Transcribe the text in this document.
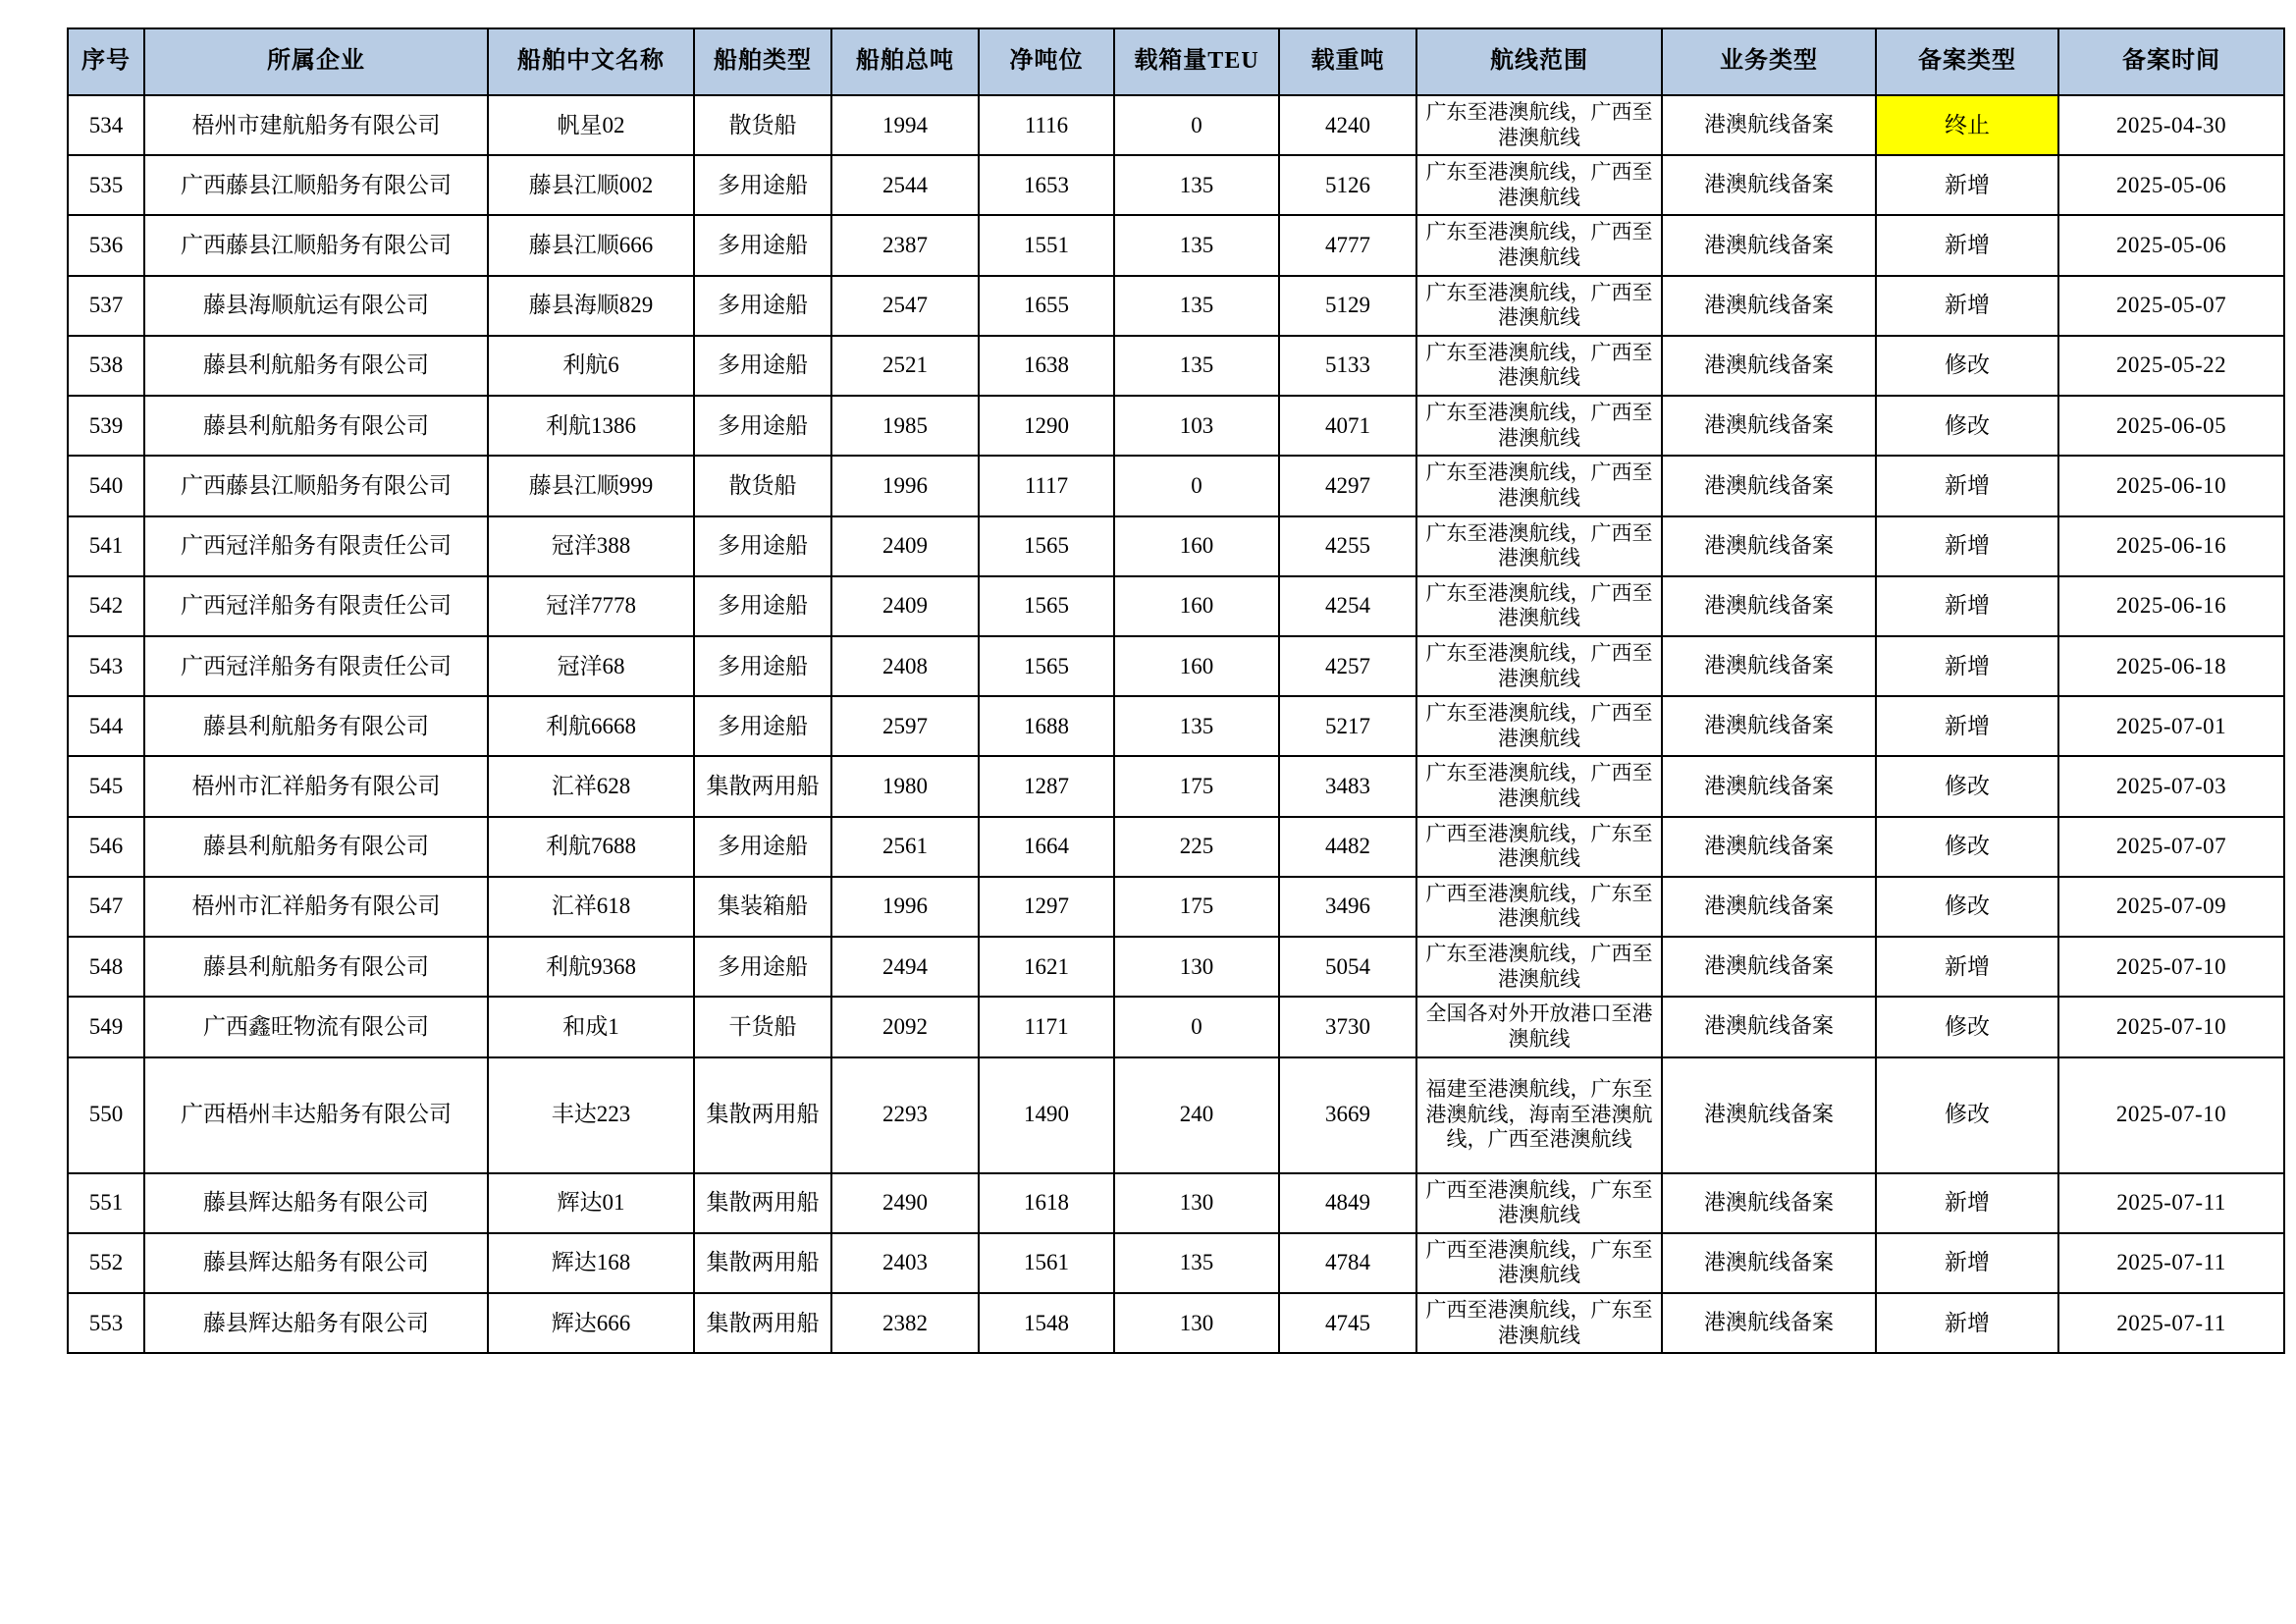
序号	所属企业	船舶中文名称	船舶类型	船舶总吨	净吨位	载箱量TEU	载重吨	航线范围	业务类型	备案类型	备案时间
534	梧州市建航船务有限公司	帆星02	散货船	1994	1116	0	4240	广东至港澳航线，广西至港澳航线	港澳航线备案	终止	2025-04-30
535	广西藤县江顺船务有限公司	藤县江顺002	多用途船	2544	1653	135	5126	广东至港澳航线，广西至港澳航线	港澳航线备案	新增	2025-05-06
536	广西藤县江顺船务有限公司	藤县江顺666	多用途船	2387	1551	135	4777	广东至港澳航线，广西至港澳航线	港澳航线备案	新增	2025-05-06
537	藤县海顺航运有限公司	藤县海顺829	多用途船	2547	1655	135	5129	广东至港澳航线，广西至港澳航线	港澳航线备案	新增	2025-05-07
538	藤县利航船务有限公司	利航6	多用途船	2521	1638	135	5133	广东至港澳航线，广西至港澳航线	港澳航线备案	修改	2025-05-22
539	藤县利航船务有限公司	利航1386	多用途船	1985	1290	103	4071	广东至港澳航线，广西至港澳航线	港澳航线备案	修改	2025-06-05
540	广西藤县江顺船务有限公司	藤县江顺999	散货船	1996	1117	0	4297	广东至港澳航线，广西至港澳航线	港澳航线备案	新增	2025-06-10
541	广西冠洋船务有限责任公司	冠洋388	多用途船	2409	1565	160	4255	广东至港澳航线，广西至港澳航线	港澳航线备案	新增	2025-06-16
542	广西冠洋船务有限责任公司	冠洋7778	多用途船	2409	1565	160	4254	广东至港澳航线，广西至港澳航线	港澳航线备案	新增	2025-06-16
543	广西冠洋船务有限责任公司	冠洋68	多用途船	2408	1565	160	4257	广东至港澳航线，广西至港澳航线	港澳航线备案	新增	2025-06-18
544	藤县利航船务有限公司	利航6668	多用途船	2597	1688	135	5217	广东至港澳航线，广西至港澳航线	港澳航线备案	新增	2025-07-01
545	梧州市汇祥船务有限公司	汇祥628	集散两用船	1980	1287	175	3483	广东至港澳航线，广西至港澳航线	港澳航线备案	修改	2025-07-03
546	藤县利航船务有限公司	利航7688	多用途船	2561	1664	225	4482	广西至港澳航线，广东至港澳航线	港澳航线备案	修改	2025-07-07
547	梧州市汇祥船务有限公司	汇祥618	集装箱船	1996	1297	175	3496	广西至港澳航线，广东至港澳航线	港澳航线备案	修改	2025-07-09
548	藤县利航船务有限公司	利航9368	多用途船	2494	1621	130	5054	广东至港澳航线，广西至港澳航线	港澳航线备案	新增	2025-07-10
549	广西鑫旺物流有限公司	和成1	干货船	2092	1171	0	3730	全国各对外开放港口至港澳航线	港澳航线备案	修改	2025-07-10
550	广西梧州丰达船务有限公司	丰达223	集散两用船	2293	1490	240	3669	福建至港澳航线，广东至港澳航线，海南至港澳航线，广西至港澳航线	港澳航线备案	修改	2025-07-10
551	藤县辉达船务有限公司	辉达01	集散两用船	2490	1618	130	4849	广西至港澳航线，广东至港澳航线	港澳航线备案	新增	2025-07-11
552	藤县辉达船务有限公司	辉达168	集散两用船	2403	1561	135	4784	广西至港澳航线，广东至港澳航线	港澳航线备案	新增	2025-07-11
553	藤县辉达船务有限公司	辉达666	集散两用船	2382	1548	130	4745	广西至港澳航线，广东至港澳航线	港澳航线备案	新增	2025-07-11
